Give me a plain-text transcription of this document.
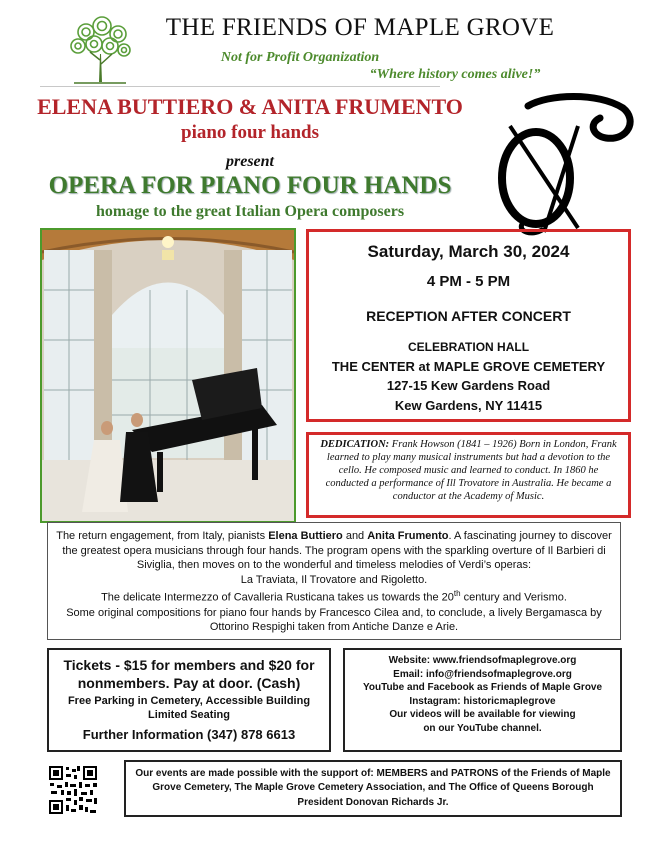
THE FRIENDS OF MAPLE GROVE
Not for Profit Organization
“Where history comes alive!”
ELENA BUTTIERO & ANITA FRUMENTO
piano four hands
present
OPERA FOR PIANO FOUR HANDS
homage to the great Italian Opera composers
Saturday, March 30, 2024
4 PM - 5 PM
RECEPTION AFTER CONCERT
CELEBRATION HALL
THE CENTER at MAPLE GROVE CEMETERY
127-15 Kew Gardens Road
Kew Gardens, NY 11415
DEDICATION: Frank Howson (1841 – 1926) Born in London, Frank learned to play many musical instruments but had a devotion to the cello. He composed music and learned to conduct. In 1860 he conducted a performance of Ill Trovatore in Australia. He became a conductor at the Academy of Music.

The return engagement, from Italy, pianists Elena Buttiero and Anita Frumento. A fascinating journey to discover the greatest opera musicians through four hands. The program opens with the sparkling overture of Il Barbieri di Siviglia, then moves on to the wonderful and timeless melodies of Verdi’s operas:

La Traviata, Il Trovatore and Rigoletto.

The delicate Intermezzo of Cavalleria Rusticana takes us towards the 20th century and Verismo.

Some original compositions for piano four hands by Francesco Cilea and, to conclude, a lively Bergamasca by Ottorino Respighi taken from Antiche Danze e Arie.

Tickets - $15 for members and $20 for nonmembers. Pay at door. (Cash)
Free Parking in Cemetery, Accessible Building
Limited Seating
Further Information (347) 878 6613
Website: www.friendsofmaplegrove.org
Email: info@friendsofmaplegrove.org
YouTube and Facebook as Friends of Maple Grove
Instagram: historicmaplegrove
Our videos will be available for viewing
on our YouTube channel.
Our events are made possible with the support of: MEMBERS and PATRONS of the Friends of Maple Grove Cemetery, The Maple Grove Cemetery Association, and The Office of Queens Borough President Donovan Richards Jr.
